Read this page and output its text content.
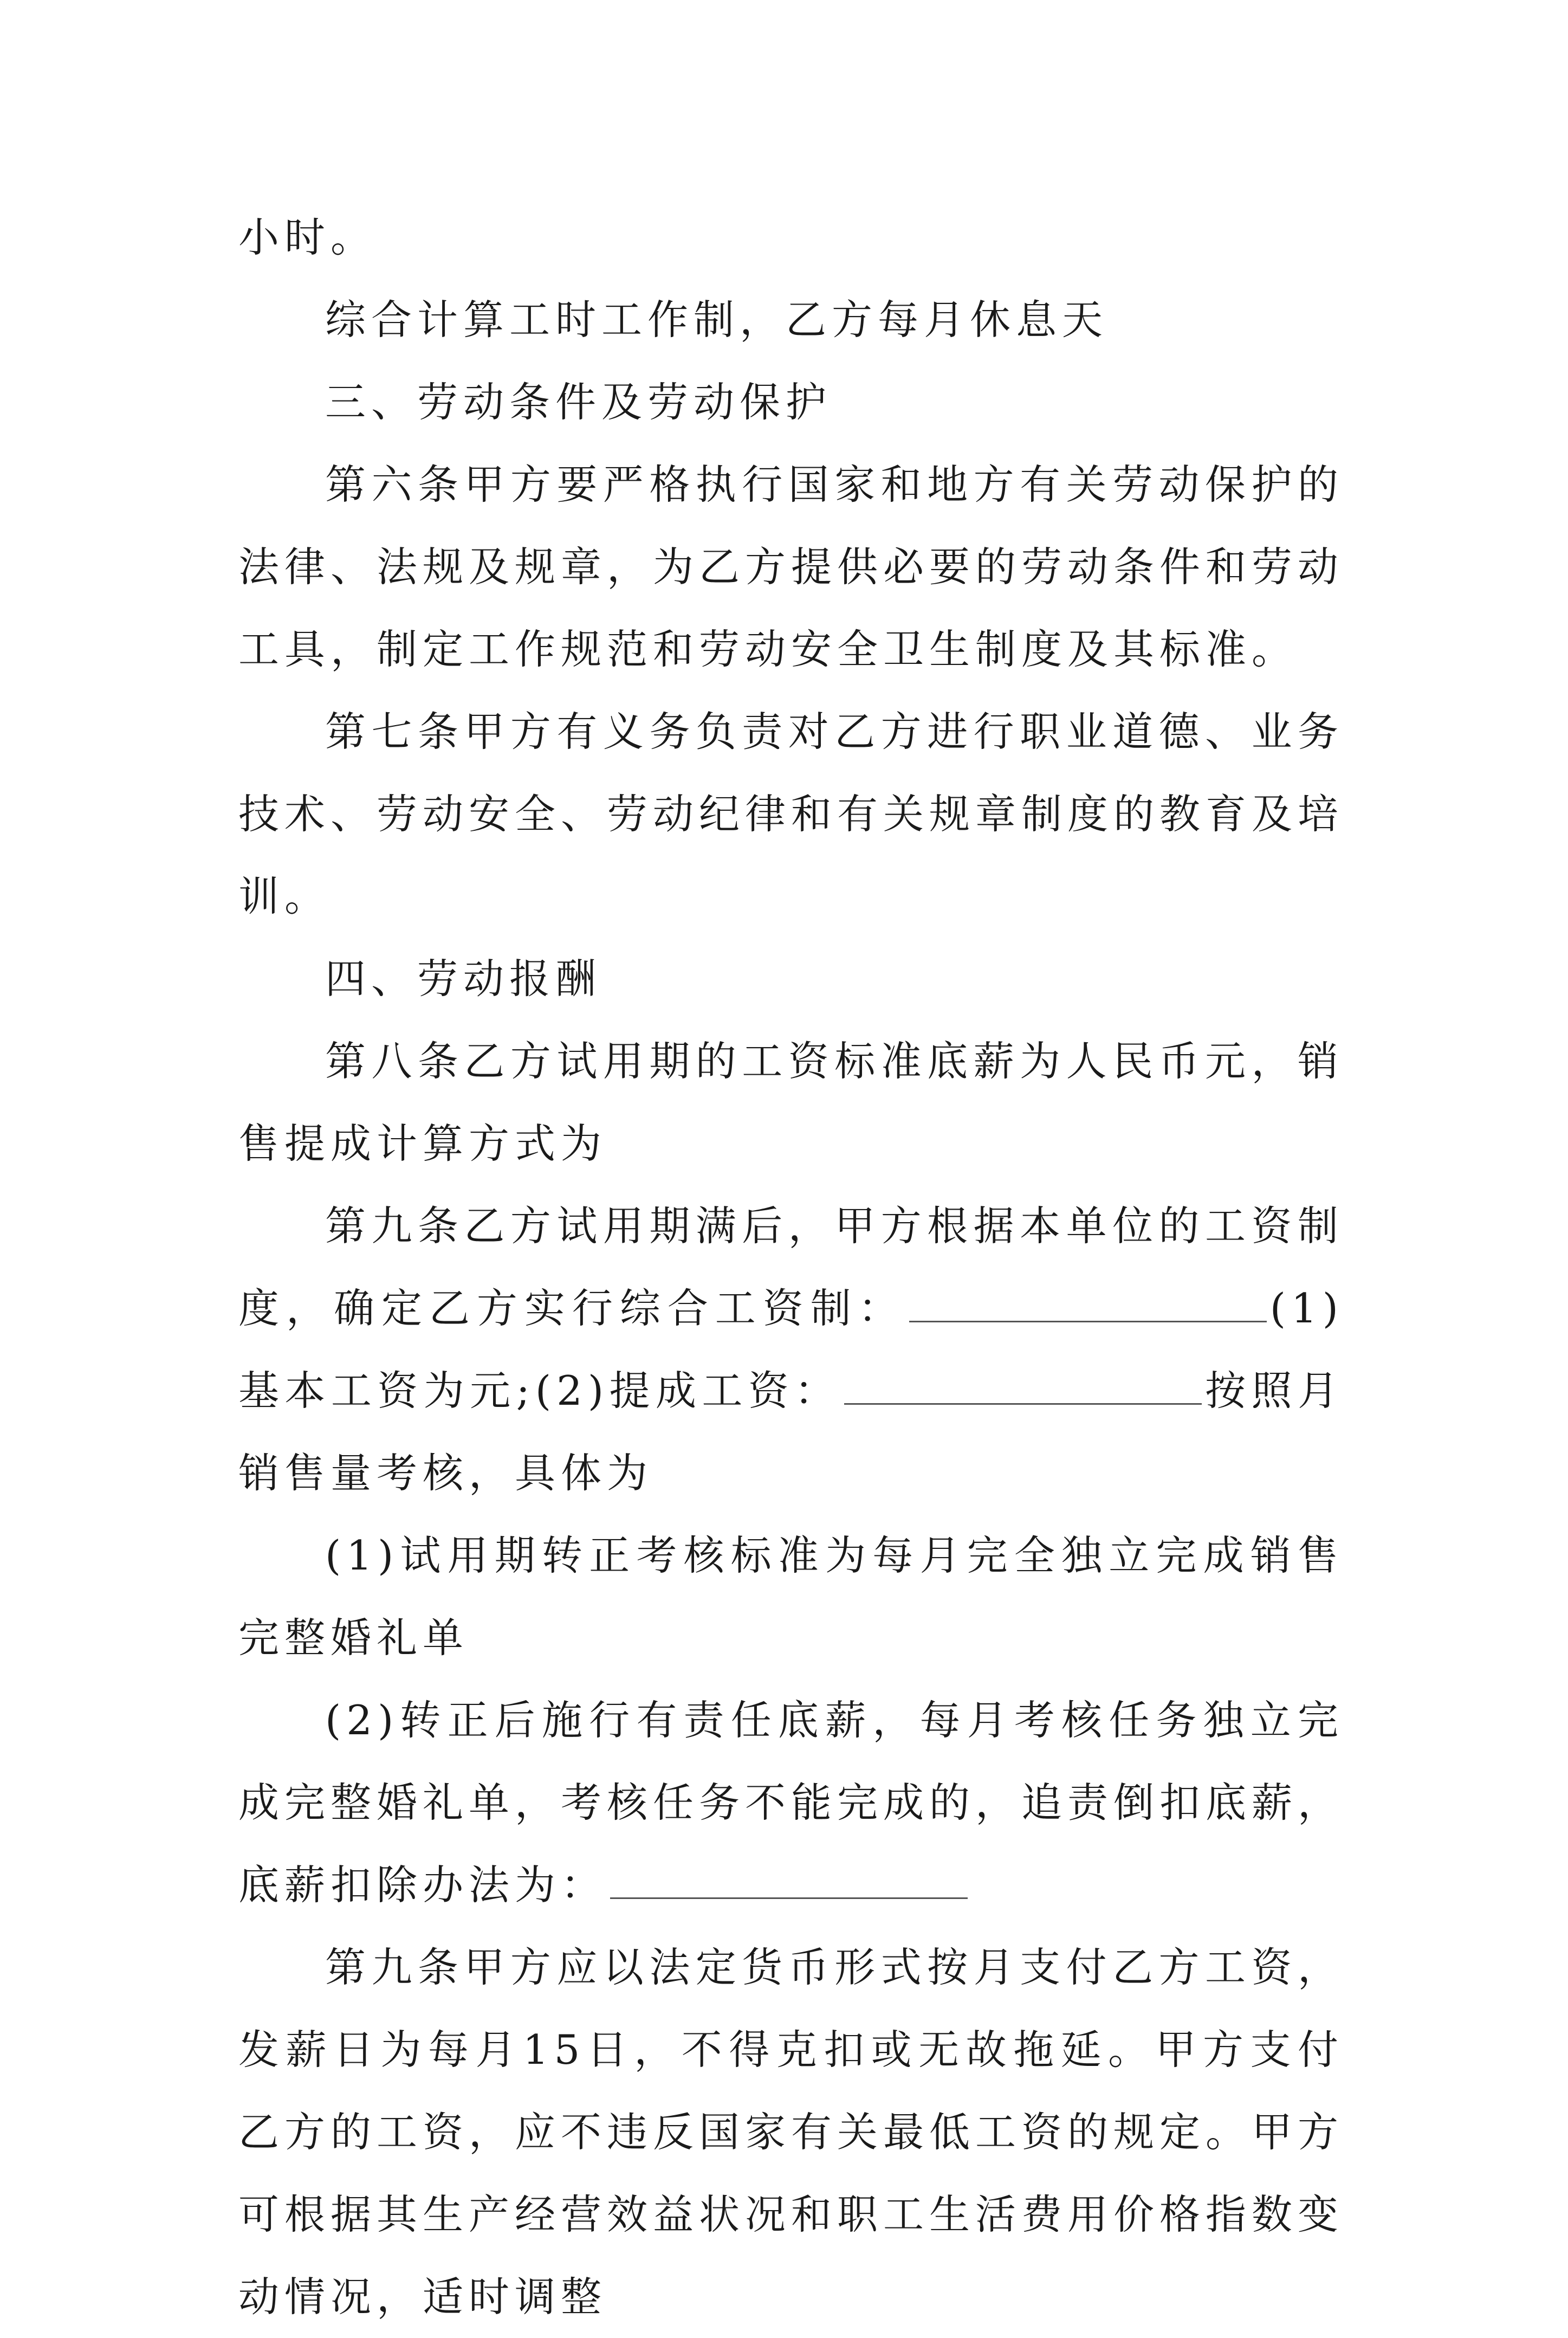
小时。

综合计算工时工作制，乙方每月休息天

三、劳动条件及劳动保护

第六条甲方要严格执行国家和地方有关劳动保护的法律、法规及规章，为乙方提供必要的劳动条件和劳动工具，制定工作规范和劳动安全卫生制度及其标准。

第七条甲方有义务负责对乙方进行职业道德、业务技术、劳动安全、劳动纪律和有关规章制度的教育及培训。

四、劳动报酬

第八条乙方试用期的工资标准底薪为人民币元，销售提成计算方式为

第九条乙方试用期满后，甲方根据本单位的工资制度，确定乙方实行综合工资制：	(1)基本工资为元;(2)提成工资：	按照月销售量考核，具体为

(1)试用期转正考核标准为每月完全独立完成销售完整婚礼单

(2)转正后施行有责任底薪，每月考核任务独立完成完整婚礼单，考核任务不能完成的，追责倒扣底薪，底薪扣除办法为：

第九条甲方应以法定货币形式按月支付乙方工资，发薪日为每月15日，不得克扣或无故拖延。甲方支付乙方的工资，应不违反国家有关最低工资的规定。甲方可根据其生产经营效益状况和职工生活费用价格指数变动情况，适时调整
